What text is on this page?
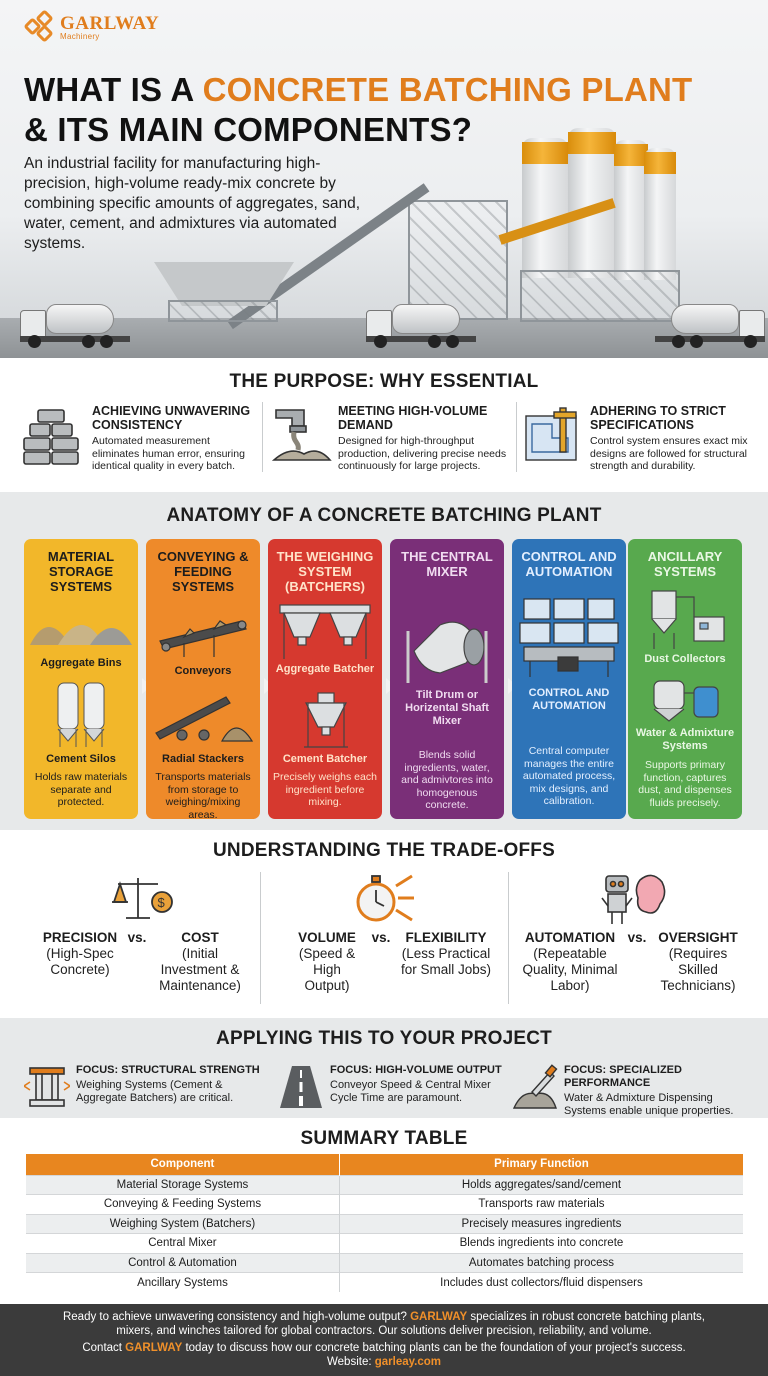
GARLWAY
Machinery
WHAT IS A CONCRETE BATCHING PLANT
& ITS MAIN COMPONENTS?

An industrial facility for manufacturing high-precision, high-volume ready-mix concrete by combining specific amounts of aggregates, sand, water, cement, and admixtures via automated systems.

THE PURPOSE: WHY ESSENTIAL
ACHIEVING UNWAVERING CONSISTENCY
Automated measurement eliminates human error, ensuring identical quality in every batch.
MEETING HIGH-VOLUME DEMAND
Designed for high-throughput production, delivering precise needs continuously for large projects.
ADHERING TO STRICT SPECIFICATIONS
Control system ensures exact mix designs are followed for structural strength and durability.
ANATOMY OF A CONCRETE BATCHING PLANT
MATERIAL STORAGE SYSTEMS
Aggregate Bins
Cement Silos
Holds raw materials separate and protected.
CONVEYING & FEEDING SYSTEMS
Conveyors
Radial Stackers
Transports materials from storage to weighing/mixing areas.
THE WEIGHING SYSTEM (BATCHERS)
Aggregate Batcher
Cement Batcher
Precisely weighs each ingredient before mixing.
THE CENTRAL MIXER
Tilt Drum or Horizental Shaft Mixer
Blends solid ingredients, water, and admivtores into homogenous concrete.
CONTROL AND AUTOMATION
CONTROL AND AUTOMATION
Central computer manages the entire automated process, mix designs, and calibration.
ANCILLARY SYSTEMS
Dust Collectors
Water & Admixture Systems
Supports primary function, captures dust, and dispenses fluids precisely.
UNDERSTANDING THE TRADE-OFFS
$
PRECISION
(High-Spec Concrete)
vs.	COST
(Initial Investment & Maintenance)
VOLUME
(Speed & High Output)
vs.	FLEXIBILITY
(Less Practical for Small Jobs)
AUTOMATION
(Repeatable Quality, Minimal Labor)
vs. OVERSIGHT
(Requires Skilled Technicians)
APPLYING THIS TO YOUR PROJECT
FOCUS: STRUCTURAL STRENGTH
Weighing Systems (Cement & Aggregate Batchers) are critical.
FOCUS: HIGH-VOLUME OUTPUT
Conveyor Speed & Central Mixer Cycle Time are paramount.
FOCUS: SPECIALIZED PERFORMANCE
Water & Admixture Dispensing Systems enable unique properties.
SUMMARY TABLE
Component	Primary Function
Material Storage Systems	Holds aggregates/sand/cement
Conveying & Feeding Systems	Transports raw materials
Weighing System (Batchers)	Precisely measures ingredients
Central Mixer	Blends ingredients into concrete
Control & Automation	Automates batching process
Ancillary Systems	Includes dust collectors/fluid dispensers
Ready to achieve unwavering consistency and high-volume output? GARLWAY specializes in robust concrete batching plants,
mixers, and winches tailored for global contractors. Our solutions deliver precision, reliability, and volume.
Contact GARLWAY today to discuss how our concrete batching plants can be the foundation of your project's success.
Website: garleay.com
